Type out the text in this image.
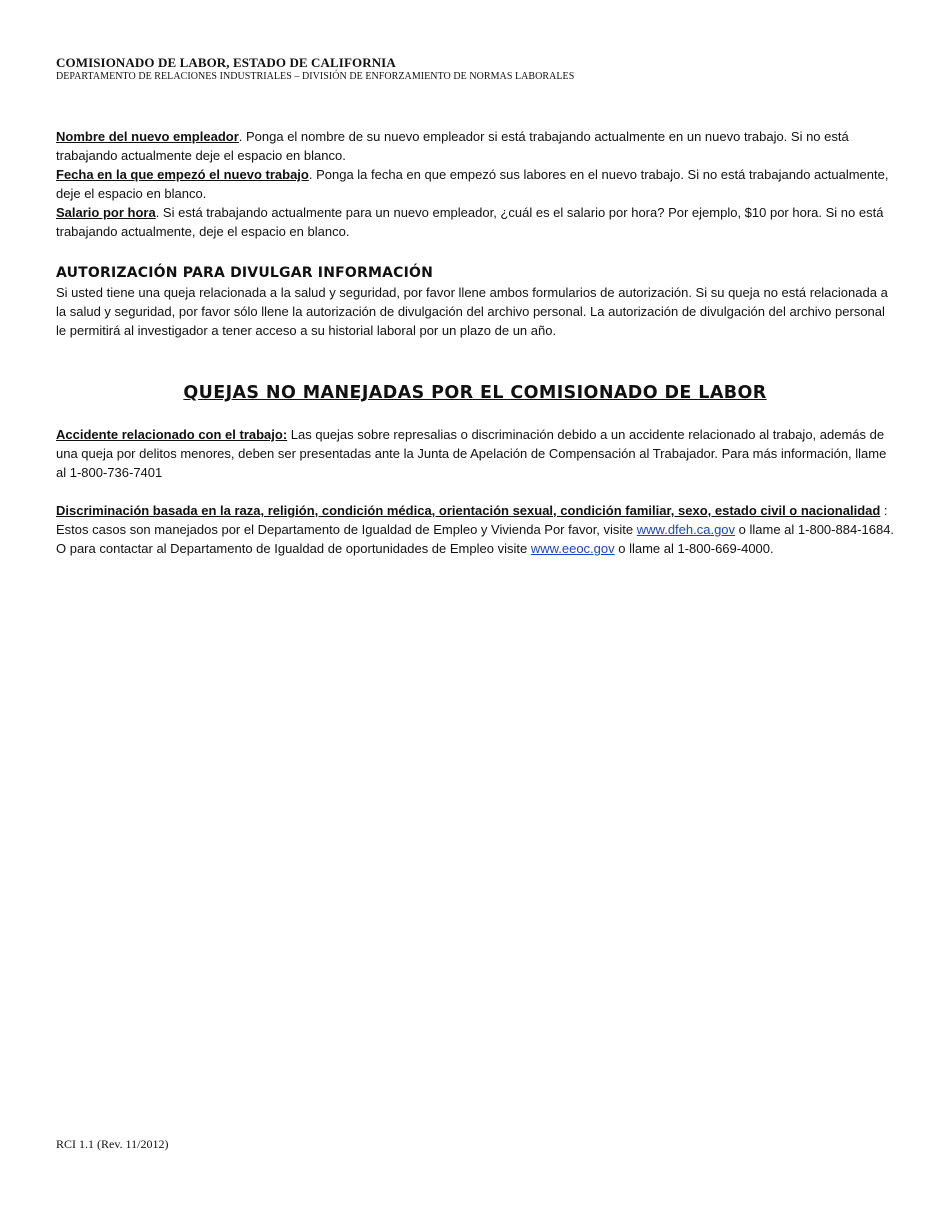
COMISIONADO DE LABOR, ESTADO DE CALIFORNIA
DEPARTAMENTO DE RELACIONES INDUSTRIALES – DIVISIÓN DE ENFORZAMIENTO DE NORMAS LABORALES

Nombre del nuevo empleador. Ponga el nombre de su nuevo empleador si está trabajando actualmente en un nuevo trabajo. Si no está trabajando actualmente deje el espacio en blanco.

Fecha en la que empezó el nuevo trabajo. Ponga la fecha en que empezó sus labores en el nuevo trabajo. Si no está trabajando actualmente, deje el espacio en blanco.

Salario por hora. Si está trabajando actualmente para un nuevo empleador, ¿cuál es el salario por hora? Por ejemplo, $10 por hora. Si no está trabajando actualmente, deje el espacio en blanco.

AUTORIZACIÓN PARA DIVULGAR INFORMACIÓN

Si usted tiene una queja relacionada a la salud y seguridad, por favor llene ambos formularios de autorización. Si su queja no está relacionada a la salud y seguridad, por favor sólo llene la autorización de divulgación del archivo personal. La autorización de divulgación del archivo personal le permitirá al investigador a tener acceso a su historial laboral por un plazo de un año.

QUEJAS NO MANEJADAS POR EL COMISIONADO DE LABOR

Accidente relacionado con el trabajo: Las quejas sobre represalias o discriminación debido a un accidente relacionado al trabajo, además de una queja por delitos menores, deben ser presentadas ante la Junta de Apelación de Compensación al Trabajador. Para más información, llame al 1-800-736-7401

Discriminación basada en la raza, religión, condición médica, orientación sexual, condición familiar, sexo, estado civil o nacionalidad : Estos casos son manejados por el Departamento de Igualdad de Empleo y Vivienda Por favor, visite www.dfeh.ca.gov o llame al 1-800-884-1684. O para contactar al Departamento de Igualdad de oportunidades de Empleo visite www.eeoc.gov o llame al 1-800-669-4000.

RCI 1.1 (Rev. 11/2012)
